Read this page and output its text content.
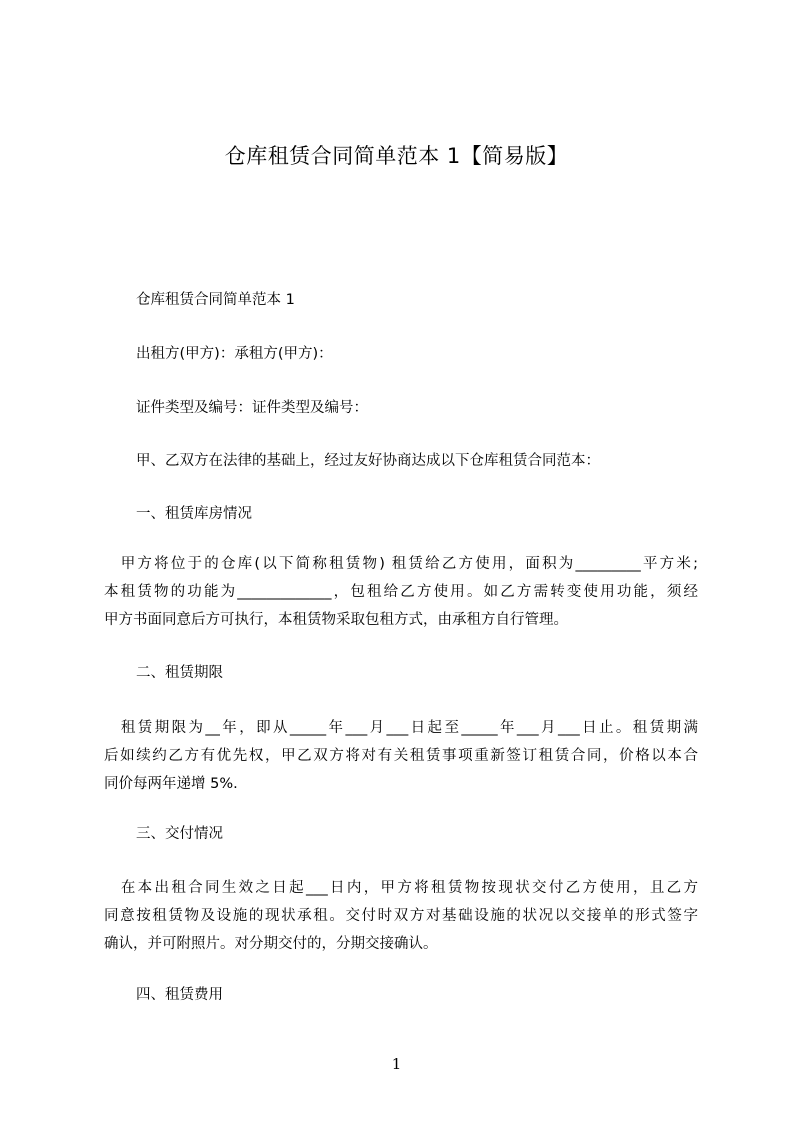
仓库租赁合同简单范本 1【简易版】
仓库租赁合同简单范本 1
出租方(甲方)：承租方(甲方)：
证件类型及编号：证件类型及编号：
甲、乙双方在法律的基础上，经过友好协商达成以下仓库租赁合同范本：
一、租赁库房情况
　甲方将位于的仓库(以下简称租赁物) 租赁给乙方使用，面积为_________平方米;
本租赁物的功能为_____________，包租给乙方使用。如乙方需转变使用功能，须经
甲方书面同意后方可执行，本租赁物采取包租方式，由承租方自行管理。
二、租赁期限
　租赁期限为__年，即从_____年___月___日起至_____年___月___日止。租赁期满
后如续约乙方有优先权，甲乙双方将对有关租赁事项重新签订租赁合同，价格以本合
同价每两年递增 5%.
三、交付情况
　在本出租合同生效之日起___日内，甲方将租赁物按现状交付乙方使用，且乙方
同意按租赁物及设施的现状承租。交付时双方对基础设施的状况以交接单的形式签字
确认，并可附照片。对分期交付的，分期交接确认。
四、租赁费用
1
